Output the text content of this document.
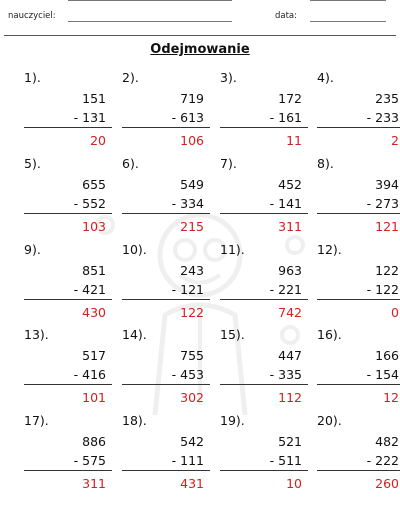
nauczyciel:	data:
Odejmowanie
1).
151
- 131
20
2).
719
- 613
106
3).
172
- 161
11
4).
235
- 233
2
5).
655
- 552
103
6).
549
- 334
215
7).
452
- 141
311
8).
394
- 273
121
9).
851
- 421
430
10).
243
- 121
122
11).
963
- 221
742
12).
122
- 122
0
13).
517
- 416
101
14).
755
- 453
302
15).
447
- 335
112
16).
166
- 154
12
17).
886
- 575
311
18).
542
- 111
431
19).
521
- 511
10
20).
482
- 222
260
